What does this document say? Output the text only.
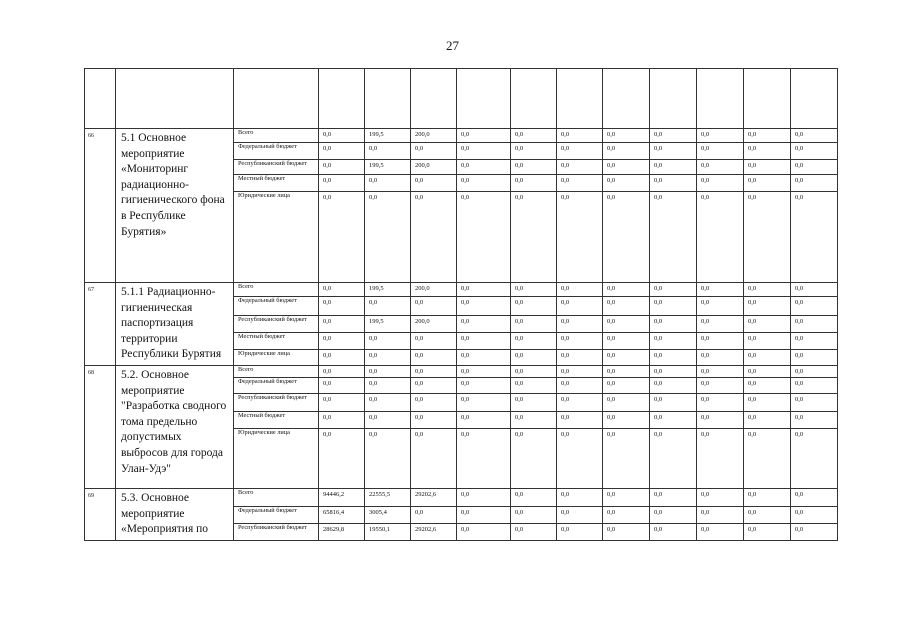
27

66	5.1 Основное мероприятие «Мониторинг радиационно-гигиенического фона в Республике Бурятия»	Всего	0,0	199,5	200,0	0,0	0,0	0,0	0,0	0,0	0,0	0,0	0,0
		Федеральный бюджет	0,0	0,0	0,0	0,0	0,0	0,0	0,0	0,0	0,0	0,0	0,0
		Республиканский бюджет	0,0	199,5	200,0	0,0	0,0	0,0	0,0	0,0	0,0	0,0	0,0
		Местный бюджет	0,0	0,0	0,0	0,0	0,0	0,0	0,0	0,0	0,0	0,0	0,0
		Юридические лица	0,0	0,0	0,0	0,0	0,0	0,0	0,0	0,0	0,0	0,0	0,0
67	5.1.1 Радиационно-гигиеническая паспортизация территории Республики Бурятия	Всего	0,0	199,5	200,0	0,0	0,0	0,0	0,0	0,0	0,0	0,0	0,0
		Федеральный бюджет	0,0	0,0	0,0	0,0	0,0	0,0	0,0	0,0	0,0	0,0	0,0
		Республиканский бюджет	0,0	199,5	200,0	0,0	0,0	0,0	0,0	0,0	0,0	0,0	0,0
		Местный бюджет	0,0	0,0	0,0	0,0	0,0	0,0	0,0	0,0	0,0	0,0	0,0
		Юридические лица	0,0	0,0	0,0	0,0	0,0	0,0	0,0	0,0	0,0	0,0	0,0
68	5.2. Основное мероприятие "Разработка сводного тома предельно допустимых выбросов для города Улан-Удэ"	Всего	0,0	0,0	0,0	0,0	0,0	0,0	0,0	0,0	0,0	0,0	0,0
		Федеральный бюджет	0,0	0,0	0,0	0,0	0,0	0,0	0,0	0,0	0,0	0,0	0,0
		Республиканский бюджет	0,0	0,0	0,0	0,0	0,0	0,0	0,0	0,0	0,0	0,0	0,0
		Местный бюджет	0,0	0,0	0,0	0,0	0,0	0,0	0,0	0,0	0,0	0,0	0,0
		Юридические лица	0,0	0,0	0,0	0,0	0,0	0,0	0,0	0,0	0,0	0,0	0,0
69	5.3. Основное мероприятие «Мероприятия по	Всего	94446,2	22555,5	29202,6	0,0	0,0	0,0	0,0	0,0	0,0	0,0	0,0
		Федеральный бюджет	65816,4	3005,4	0,0	0,0	0,0	0,0	0,0	0,0	0,0	0,0	0,0
		Республиканский бюджет	28629,8	19550,1	29202,6	0,0	0,0	0,0	0,0	0,0	0,0	0,0	0,0
